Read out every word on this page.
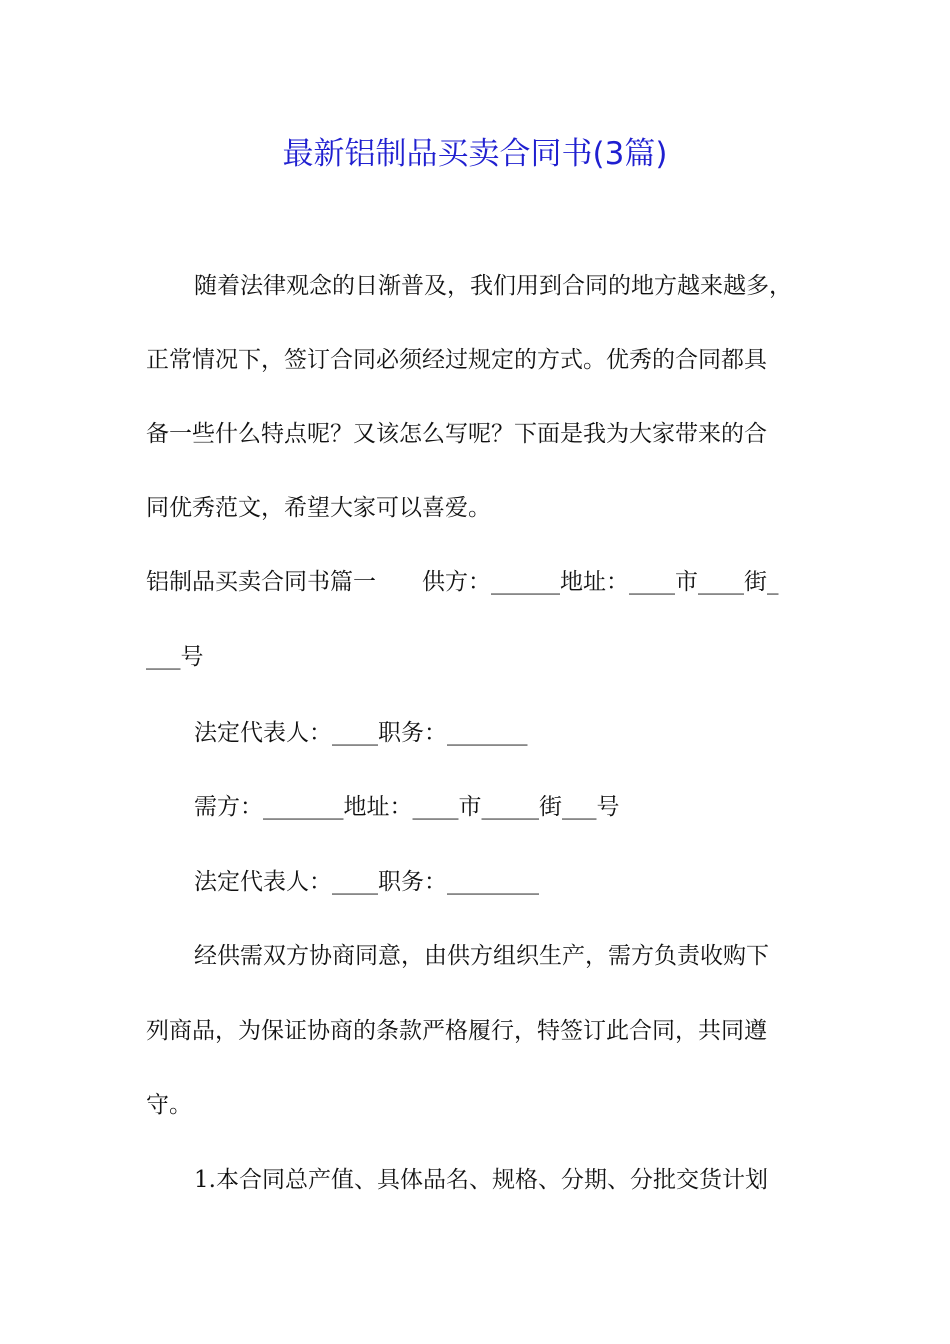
最新铝制品买卖合同书(3篇)

随着法律观念的日渐普及，我们用到合同的地方越来越多，

正常情况下，签订合同必须经过规定的方式。优秀的合同都具

备一些什么特点呢？又该怎么写呢？下面是我为大家带来的合

同优秀范文，希望大家可以喜爱。

铝制品买卖合同书篇一　　供方：______地址：____市____街_

___号

法定代表人：____职务：_______

需方：_______地址：____市_____街___号

法定代表人：____职务：________

经供需双方协商同意，由供方组织生产，需方负责收购下

列商品，为保证协商的条款严格履行，特签订此合同，共同遵

守。

1.本合同总产值、具体品名、规格、分期、分批交货计划
